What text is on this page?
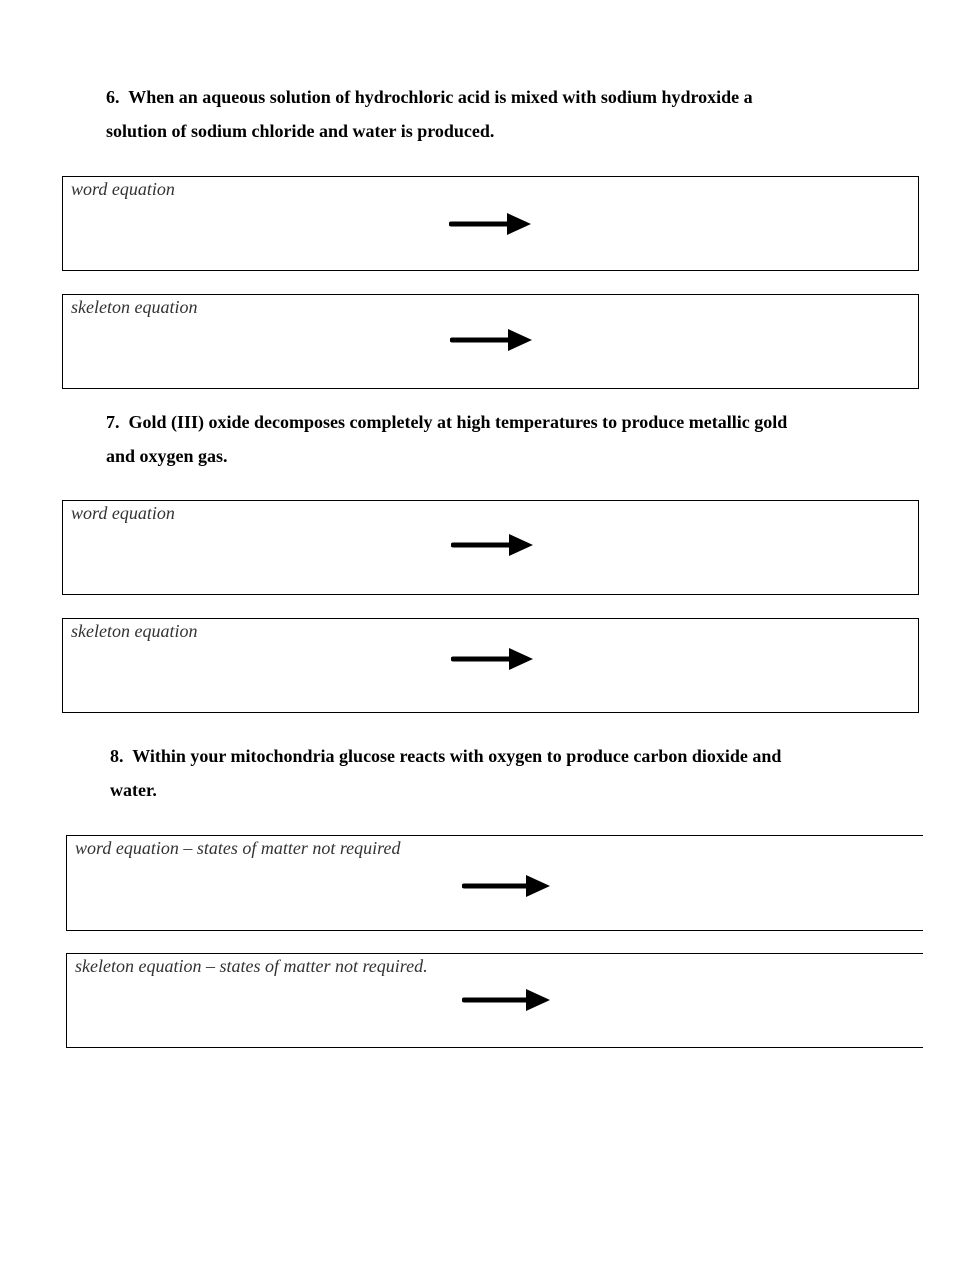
6. When an aqueous solution of hydrochloric acid is mixed with sodium hydroxide a
solution of sodium chloride and water is produced.
word equation
skeleton equation
7. Gold (III) oxide decomposes completely at high temperatures to produce metallic gold
and oxygen gas.
word equation
skeleton equation
8. Within your mitochondria glucose reacts with oxygen to produce carbon dioxide and
water.
word equation – states of matter not required
skeleton equation – states of matter not required.
